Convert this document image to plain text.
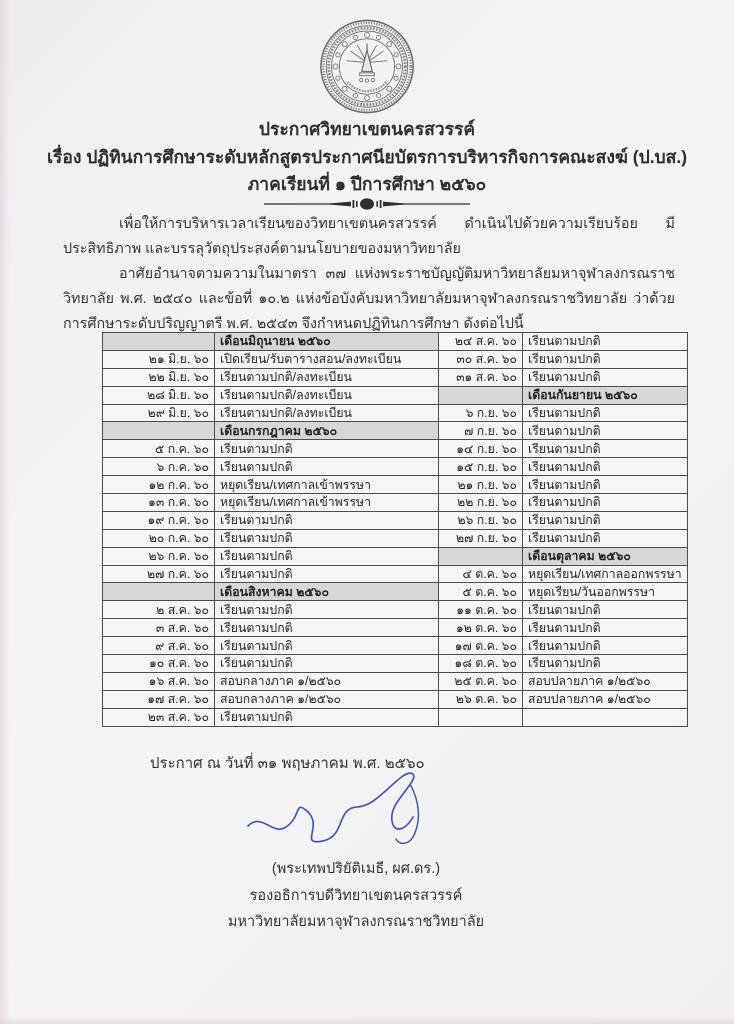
ประกาศวิทยาเขตนครสวรรค์
เรื่อง ปฏิทินการศึกษาระดับหลักสูตรประกาศนียบัตรการบริหารกิจการคณะสงฆ์ (ป.บส.)
ภาคเรียนที่ ๑ ปีการศึกษา ๒๕๖๐

เพื่อให้การบริหารเวลาเรียนของวิทยาเขตนครสวรรค์ ดำเนินไปด้วยความเรียบร้อย มีประสิทธิภาพ และบรรลุวัตถุประสงค์ตามนโยบายของมหาวิทยาลัย

อาศัยอำนาจตามความในมาตรา ๓๗ แห่งพระราชบัญญัติมหาวิทยาลัยมหาจุฬาลงกรณราชวิทยาลัย พ.ศ. ๒๕๔๐ และข้อที่ ๑๐.๒ แห่งข้อบังคับมหาวิทยาลัยมหาจุฬาลงกรณราชวิทยาลัย ว่าด้วยการศึกษาระดับปริญญาตรี พ.ศ. ๒๕๔๓ จึงกำหนดปฏิทินการศึกษา ดังต่อไปนี้

	เดือนมิถุนายน ๒๕๖๐	๒๔ ส.ค. ๖๐	เรียนตามปกติ
๒๑ มิ.ย. ๖๐	เปิดเรียน/รับตารางสอน/ลงทะเบียน	๓๐ ส.ค. ๖๐	เรียนตามปกติ
๒๒ มิ.ย. ๖๐	เรียนตามปกติ/ลงทะเบียน	๓๑ ส.ค. ๖๐	เรียนตามปกติ
๒๘ มิ.ย. ๖๐	เรียนตามปกติ/ลงทะเบียน		เดือนกันยายน ๒๕๖๐
๒๙ มิ.ย. ๖๐	เรียนตามปกติ/ลงทะเบียน	๖ ก.ย. ๖๐	เรียนตามปกติ
	เดือนกรกฎาคม ๒๕๖๐	๗ ก.ย. ๖๐	เรียนตามปกติ
๕ ก.ค. ๖๐	เรียนตามปกติ	๑๔ ก.ย. ๖๐	เรียนตามปกติ
๖ ก.ค. ๖๐	เรียนตามปกติ	๑๕ ก.ย. ๖๐	เรียนตามปกติ
๑๒ ก.ค. ๖๐	หยุดเรียน/เทศกาลเข้าพรรษา	๒๑ ก.ย. ๖๐	เรียนตามปกติ
๑๓ ก.ค. ๖๐	หยุดเรียน/เทศกาลเข้าพรรษา	๒๒ ก.ย. ๖๐	เรียนตามปกติ
๑๙ ก.ค. ๖๐	เรียนตามปกติ	๒๖ ก.ย. ๖๐	เรียนตามปกติ
๒๐ ก.ค. ๖๐	เรียนตามปกติ	๒๗ ก.ย. ๖๐	เรียนตามปกติ
๒๖ ก.ค. ๖๐	เรียนตามปกติ		เดือนตุลาคม ๒๕๖๐
๒๗ ก.ค. ๖๐	เรียนตามปกติ	๔ ต.ค. ๖๐	หยุดเรียน/เทศกาลออกพรรษา
	เดือนสิงหาคม ๒๕๖๐	๕ ต.ค. ๖๐	หยุดเรียน/วันออกพรรษา
๒ ส.ค. ๖๐	เรียนตามปกติ	๑๑ ต.ค. ๖๐	เรียนตามปกติ
๓ ส.ค. ๖๐	เรียนตามปกติ	๑๒ ต.ค. ๖๐	เรียนตามปกติ
๙ ส.ค. ๖๐	เรียนตามปกติ	๑๗ ต.ค. ๖๐	เรียนตามปกติ
๑๐ ส.ค. ๖๐	เรียนตามปกติ	๑๘ ต.ค. ๖๐	เรียนตามปกติ
๑๖ ส.ค. ๖๐	สอบกลางภาค ๑/๒๕๖๐	๒๕ ต.ค. ๖๐	สอบปลายภาค ๑/๒๕๖๐
๑๗ ส.ค. ๖๐	สอบกลางภาค ๑/๒๕๖๐	๒๖ ต.ค. ๖๐	สอบปลายภาค ๑/๒๕๖๐
๒๓ ส.ค. ๖๐	เรียนตามปกติ		
ประกาศ ณ วันที่ ๓๑ พฤษภาคม พ.ศ. ๒๕๖๐
(พระเทพปริยัติเมธี, ผศ.ดร.)
รองอธิการบดีวิทยาเขตนครสวรรค์
มหาวิทยาลัยมหาจุฬาลงกรณราชวิทยาลัย
